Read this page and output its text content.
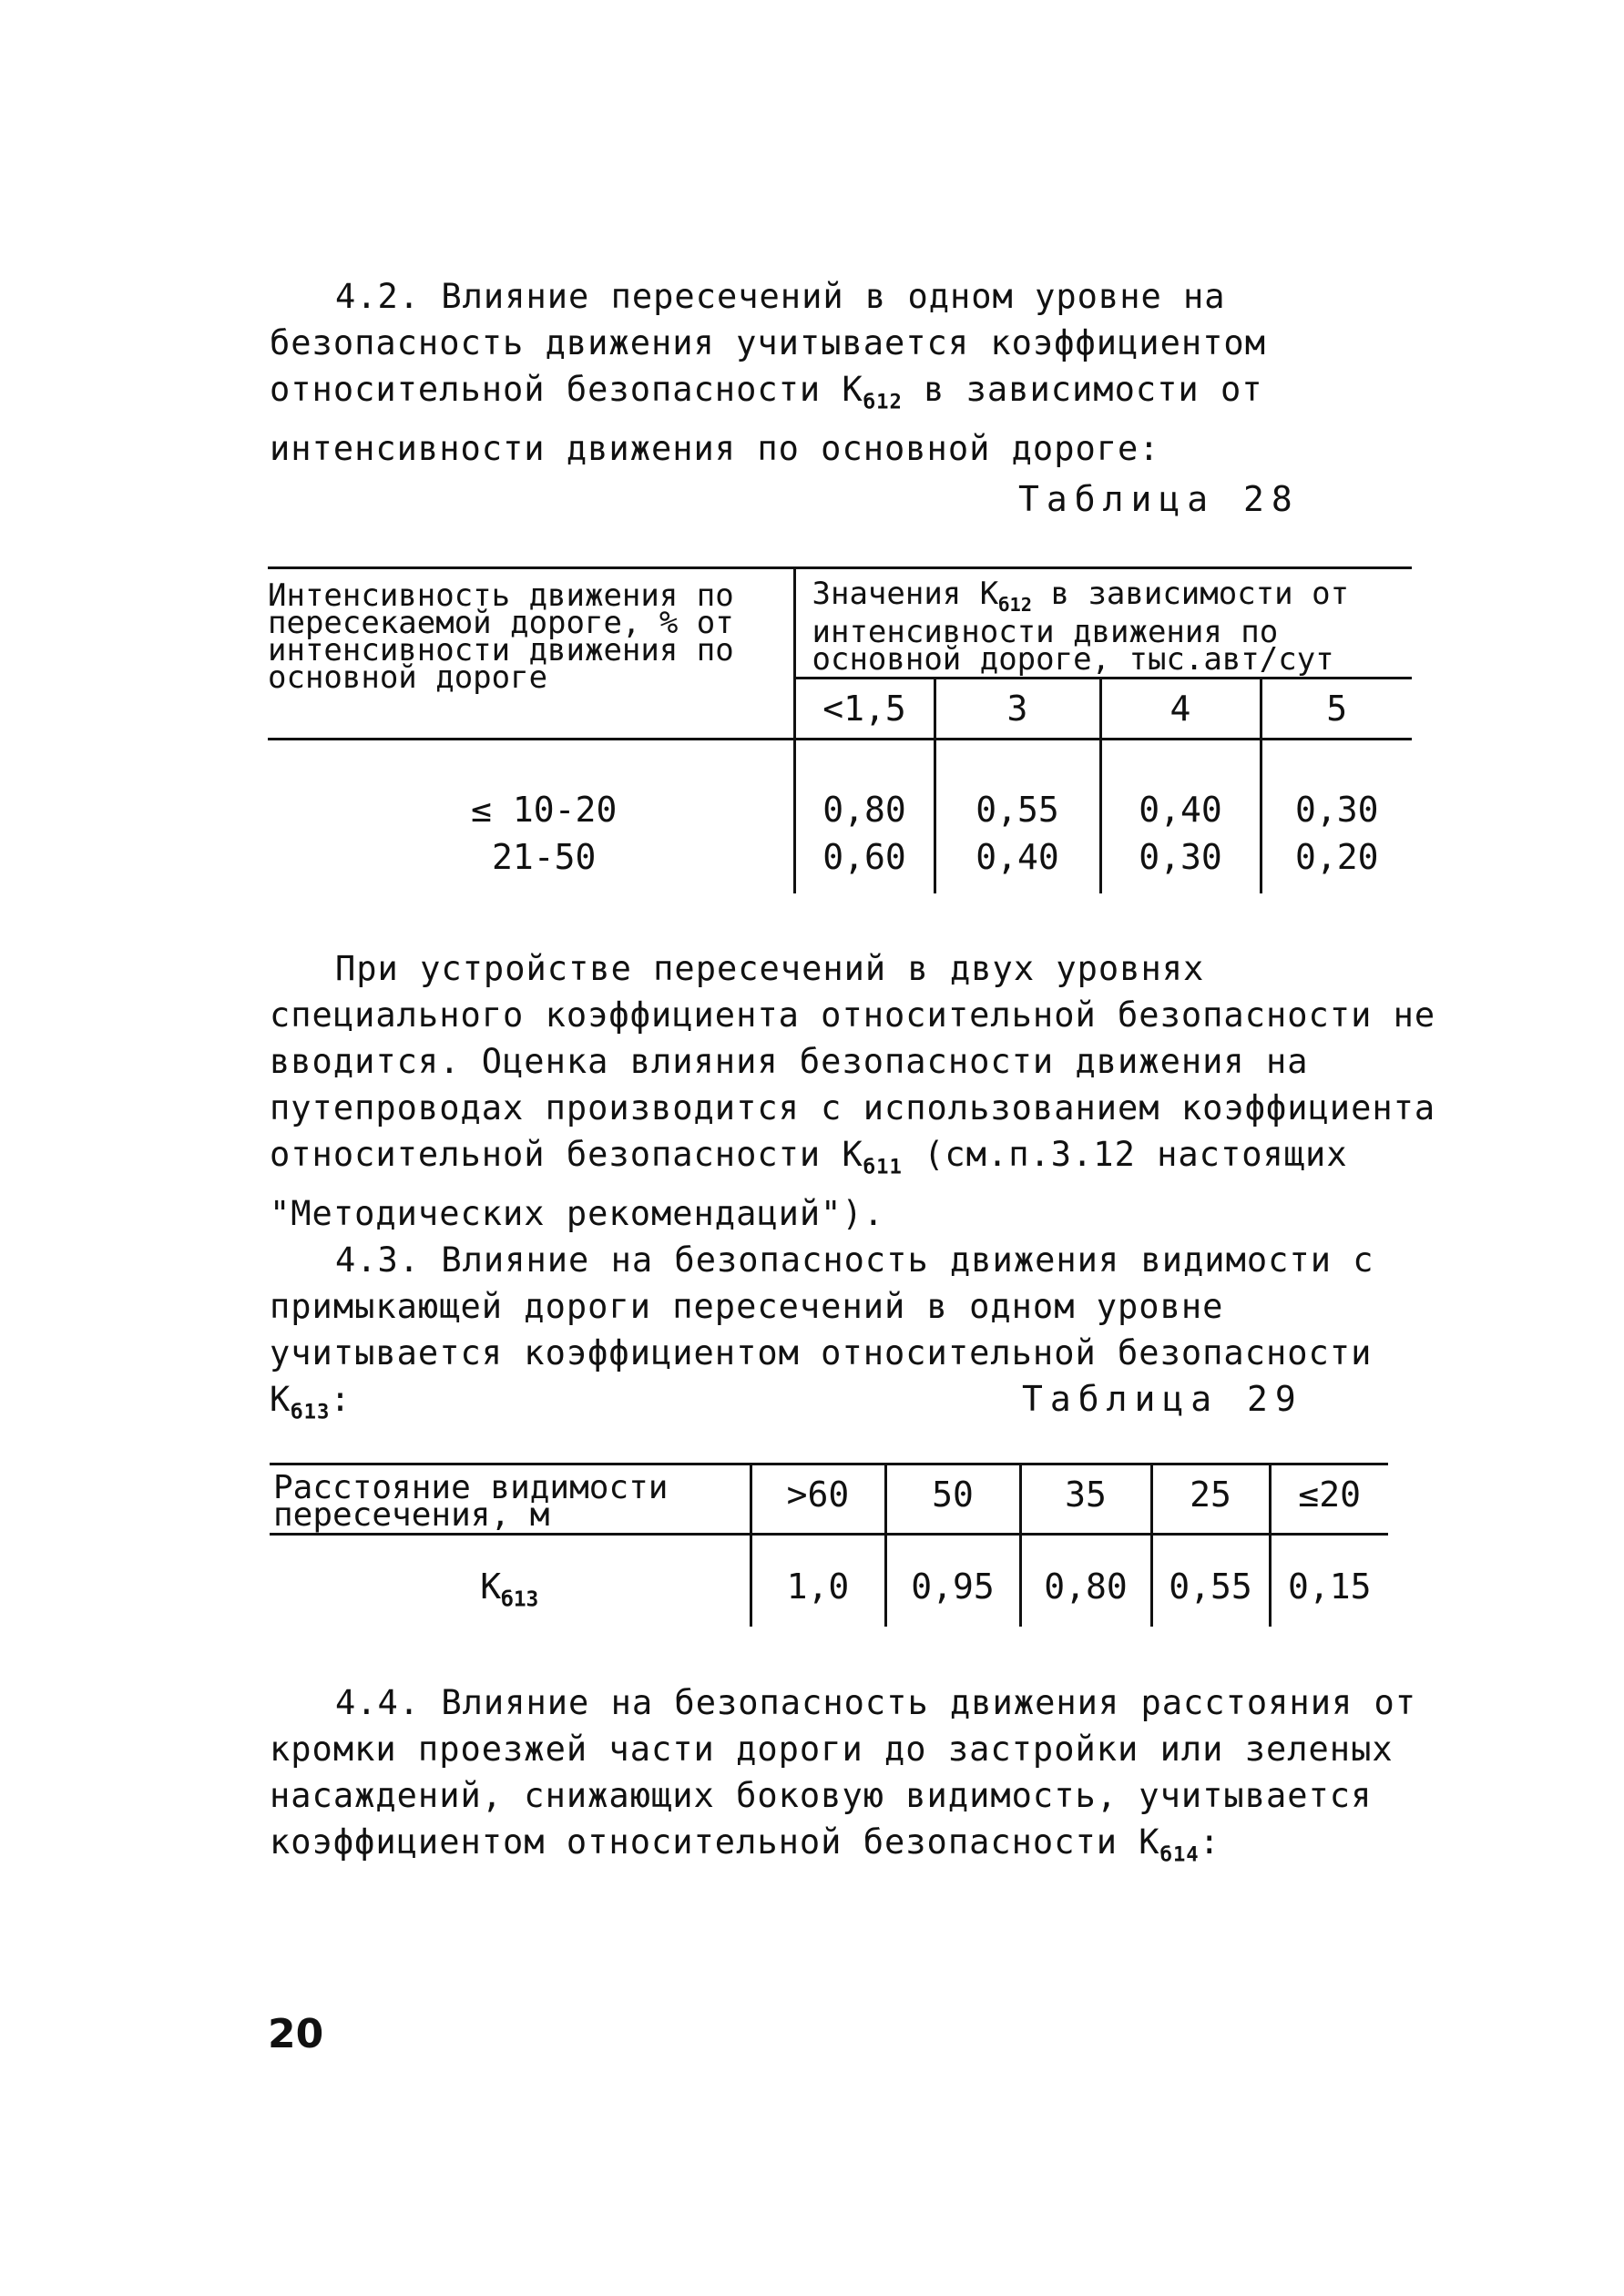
4.2. Влияние пересечений в одном уровне на безопасность движения учитывается коэффициентом относительной безопасности $K_{б12}$ в зависимости от интенсивности движения по основной дороге:

Таблица 28
Интенсивность движения по пересекаемой дороге, % от интенсивности движения по основной дороге	Значения $K_{б12}$ в зависимости от интенсивности движения по основной дороге, тыс.авт/сут			
	<1,5	3	4	5

≤ 10-20	0,80	0,55	0,40	0,30
21-50	0,60	0,40	0,30	0,20

При устройстве пересечений в двух уровнях специального коэффициента относительной безопасности не вводится. Оценка влияния безопасности движения на путепроводах производится с использованием коэффициента относительной безопасности $K_{б11}$ (см.п.3.12 настоящих "Методических рекомендаций").

4.3. Влияние на безопасность движения видимости с примыкающей дороги пересечений в одном уровне учитывается коэффициентом относительной безопасности $K_{б13}$:	Таблица 29
Расстояние видимости пересечения, м	>60	50	35	25	≤20
$K_{б13}$	1,0	0,95	0,80	0,55	0,15

4.4. Влияние на безопасность движения расстояния от кромки проезжей части дороги до застройки или зеленых насаждений, снижающих боковую видимость, учитывается коэффициентом относительной безопасности $K_{б14}$:

20
